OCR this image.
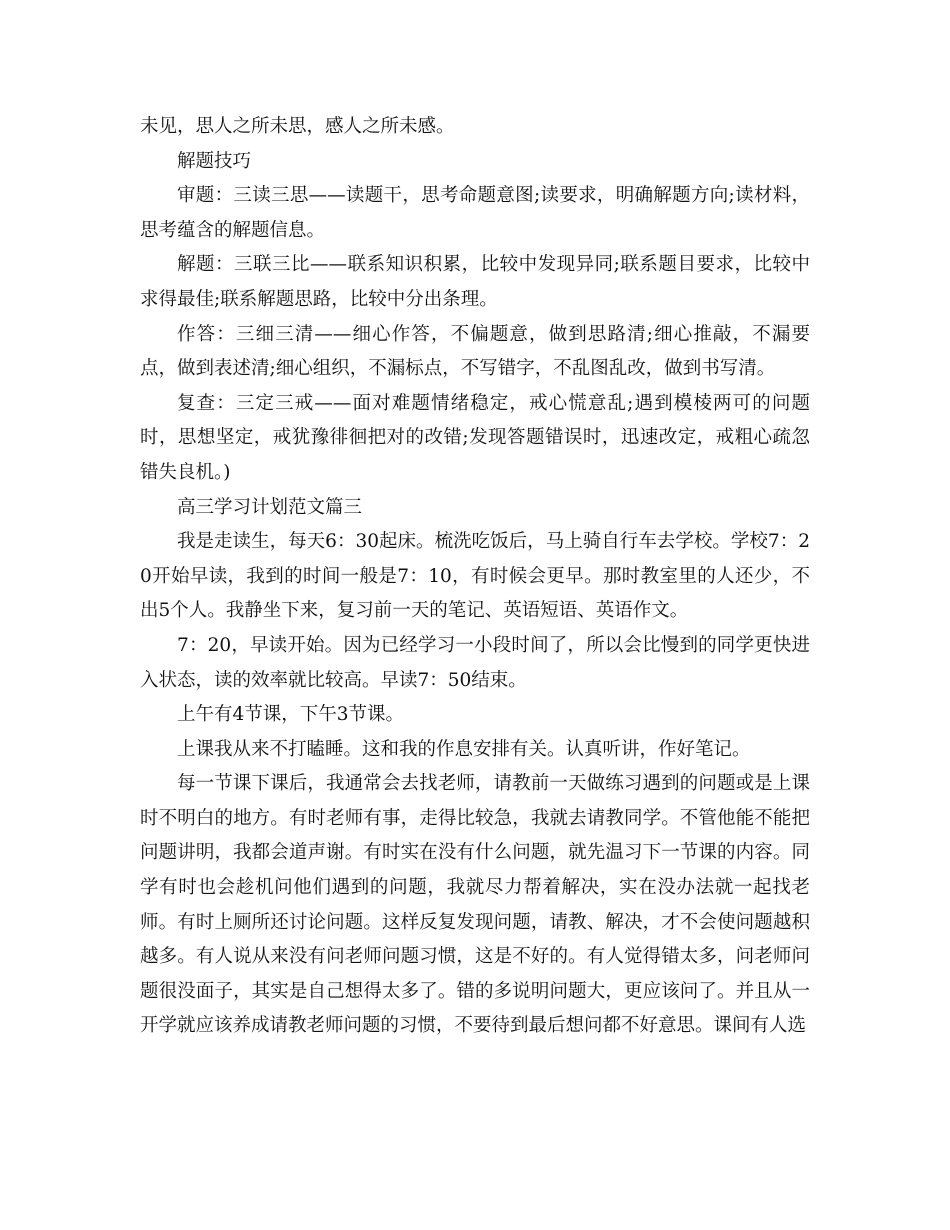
未见，思人之所未思，感人之所未感。

解题技巧

审题：三读三思——读题干，思考命题意图;读要求，明确解题方向;读材料，思考蕴含的解题信息。

解题：三联三比——联系知识积累，比较中发现异同;联系题目要求，比较中求得最佳;联系解题思路，比较中分出条理。

作答：三细三清——细心作答，不偏题意，做到思路清;细心推敲，不漏要点，做到表述清;细心组织，不漏标点，不写错字，不乱图乱改，做到书写清。

复查：三定三戒——面对难题情绪稳定，戒心慌意乱;遇到模棱两可的问题时，思想坚定，戒犹豫徘徊把对的改错;发现答题错误时，迅速改定，戒粗心疏忽错失良机。)

高三学习计划范文篇三

我是走读生，每天6：30起床。梳洗吃饭后，马上骑自行车去学校。学校7：20开始早读，我到的时间一般是7：10，有时候会更早。那时教室里的人还少，不出5个人。我静坐下来，复习前一天的笔记、英语短语、英语作文。

7：20，早读开始。因为已经学习一小段时间了，所以会比慢到的同学更快进入状态，读的效率就比较高。早读7：50结束。

上午有4节课，下午3节课。

上课我从来不打瞌睡。这和我的作息安排有关。认真听讲，作好笔记。

每一节课下课后，我通常会去找老师，请教前一天做练习遇到的问题或是上课时不明白的地方。有时老师有事，走得比较急，我就去请教同学。不管他能不能把问题讲明，我都会道声谢。有时实在没有什么问题，就先温习下一节课的内容。同学有时也会趁机问他们遇到的问题，我就尽力帮着解决，实在没办法就一起找老师。有时上厕所还讨论问题。这样反复发现问题，请教、解决，才不会使问题越积越多。有人说从来没有问老师问题习惯，这是不好的。有人觉得错太多，问老师问题很没面子，其实是自己想得太多了。错的多说明问题大，更应该问了。并且从一开学就应该养成请教老师问题的习惯，不要待到最后想问都不好意思。课间有人选
